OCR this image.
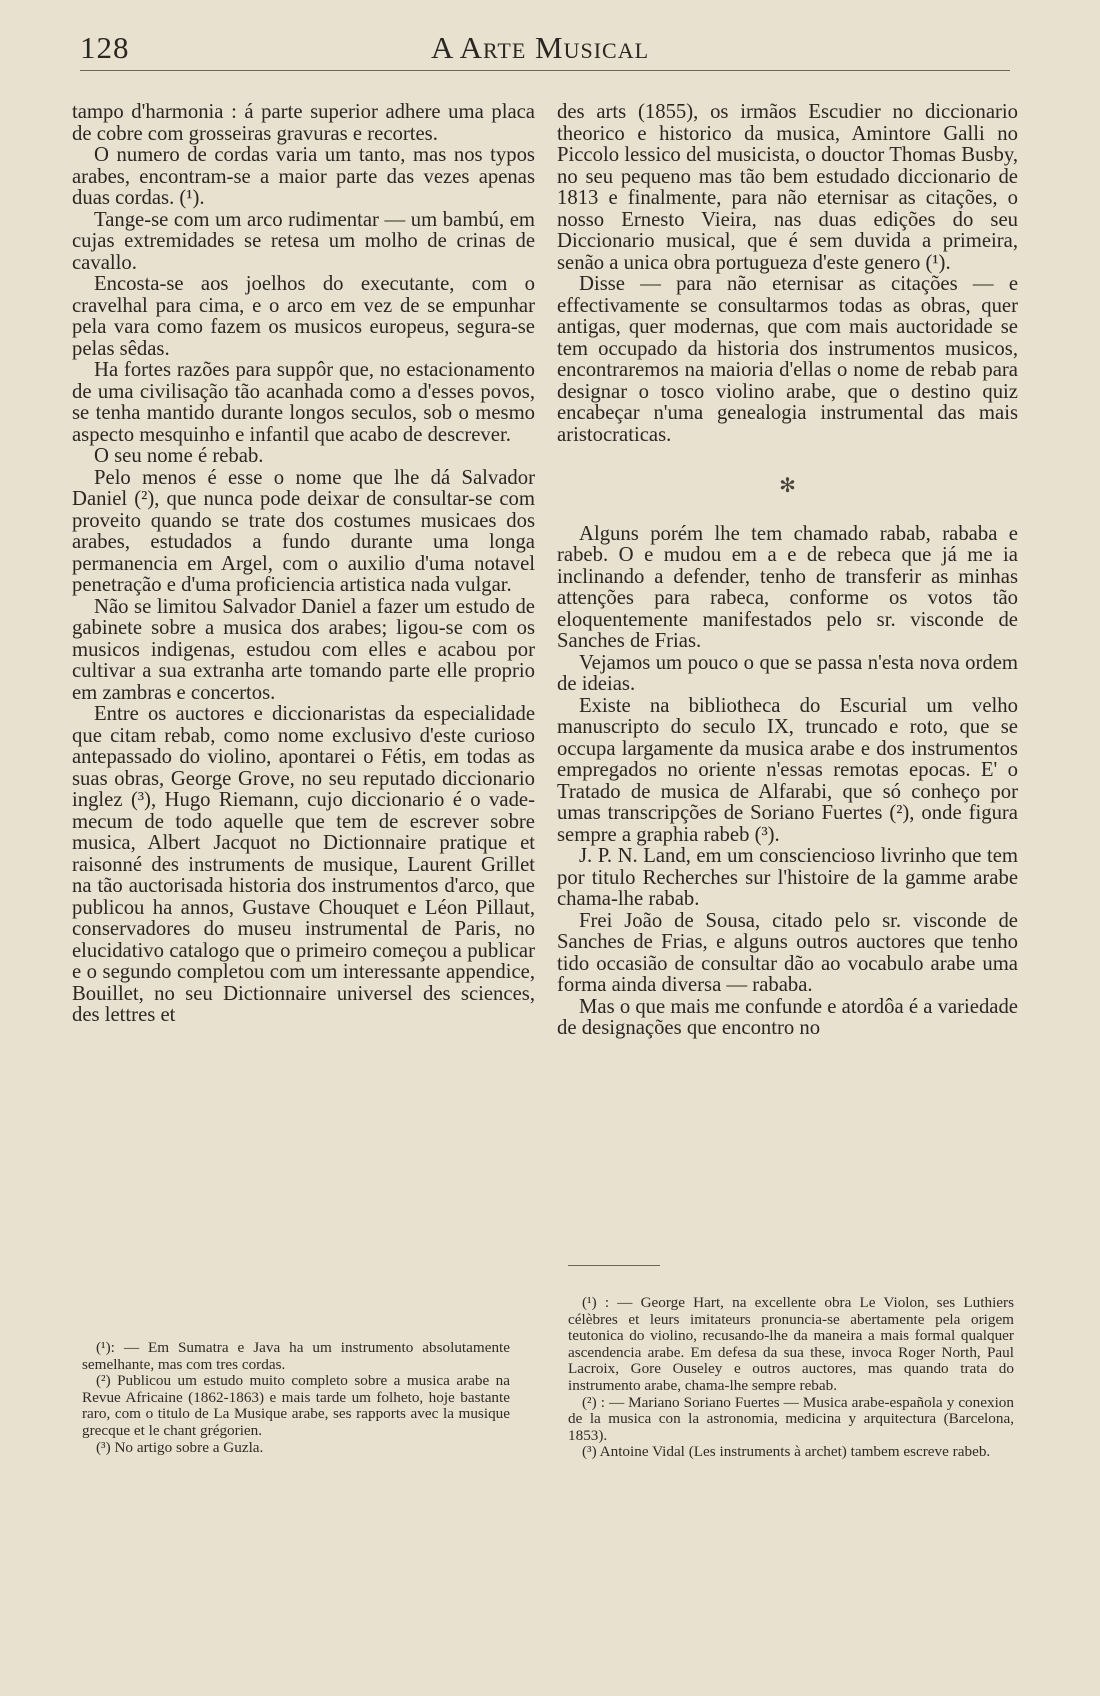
128	A Arte Musical

tampo d'harmonia : á parte superior adhere uma placa de cobre com grosseiras gravuras e recortes.

O numero de cordas varia um tanto, mas nos typos arabes, encontram-se a maior parte das vezes apenas duas cordas. (¹).

Tange-se com um arco rudimentar — um bambú, em cujas extremidades se retesa um molho de crinas de cavallo.

Encosta-se aos joelhos do executante, com o cravelhal para cima, e o arco em vez de se empunhar pela vara como fazem os musicos europeus, segura-se pelas sêdas.

Ha fortes razões para suppôr que, no estacionamento de uma civilisação tão acanhada como a d'esses povos, se tenha mantido durante longos seculos, sob o mesmo aspecto mesquinho e infantil que acabo de descrever.

O seu nome é rebab.

Pelo menos é esse o nome que lhe dá Salvador Daniel (²), que nunca pode deixar de consultar-se com proveito quando se trate dos costumes musicaes dos arabes, estudados a fundo durante uma longa permanencia em Argel, com o auxilio d'uma notavel penetração e d'uma proficiencia artistica nada vulgar.

Não se limitou Salvador Daniel a fazer um estudo de gabinete sobre a musica dos arabes; ligou-se com os musicos indigenas, estudou com elles e acabou por cultivar a sua extranha arte tomando parte elle proprio em zambras e concertos.

Entre os auctores e diccionaristas da especialidade que citam rebab, como nome exclusivo d'este curioso antepassado do violino, apontarei o Fétis, em todas as suas obras, George Grove, no seu reputado diccionario inglez (³), Hugo Riemann, cujo diccionario é o vade-mecum de todo aquelle que tem de escrever sobre musica, Albert Jacquot no Dictionnaire pratique et raisonné des instruments de musique, Laurent Grillet na tão auctorisada historia dos instrumentos d'arco, que publicou ha annos, Gustave Chouquet e Léon Pillaut, conservadores do museu instrumental de Paris, no elucidativo catalogo que o primeiro começou a publicar e o segundo completou com um interessante appendice, Bouillet, no seu Dictionnaire universel des sciences, des lettres et

des arts (1855), os irmãos Escudier no diccionario theorico e historico da musica, Amintore Galli no Piccolo lessico del musicista, o douctor Thomas Busby, no seu pequeno mas tão bem estudado diccionario de 1813 e finalmente, para não eternisar as citações, o nosso Ernesto Vieira, nas duas edições do seu Diccionario musical, que é sem duvida a primeira, senão a unica obra portugueza d'este genero (¹).

Disse — para não eternisar as citações — e effectivamente se consultarmos todas as obras, quer antigas, quer modernas, que com mais auctoridade se tem occupado da historia dos instrumentos musicos, encontraremos na maioria d'ellas o nome de rebab para designar o tosco violino arabe, que o destino quiz encabeçar n'uma genealogia instrumental das mais aristocraticas.

✻

Alguns porém lhe tem chamado rabab, rababa e rabeb. O e mudou em a e de rebeca que já me ia inclinando a defender, tenho de transferir as minhas attenções para rabeca, conforme os votos tão eloquentemente manifestados pelo sr. visconde de Sanches de Frias.

Vejamos um pouco o que se passa n'esta nova ordem de ideias.

Existe na bibliotheca do Escurial um velho manuscripto do seculo IX, truncado e roto, que se occupa largamente da musica arabe e dos instrumentos empregados no oriente n'essas remotas epocas. E' o Tratado de musica de Alfarabi, que só conheço por umas transcripções de Soriano Fuertes (²), onde figura sempre a graphia rabeb (³).

J. P. N. Land, em um consciencioso livrinho que tem por titulo Recherches sur l'histoire de la gamme arabe chama-lhe rabab.

Frei João de Sousa, citado pelo sr. visconde de Sanches de Frias, e alguns outros auctores que tenho tido occasião de consultar dão ao vocabulo arabe uma forma ainda diversa — rababa.

Mas o que mais me confunde e atordôa é a variedade de designações que encontro no

(¹): — Em Sumatra e Java ha um instrumento absolutamente semelhante, mas com tres cordas.

(²) Publicou um estudo muito completo sobre a musica arabe na Revue Africaine (1862-1863) e mais tarde um folheto, hoje bastante raro, com o titulo de La Musique arabe, ses rapports avec la musique grecque et le chant grégorien.

(³) No artigo sobre a Guzla.

(¹) : — George Hart, na excellente obra Le Violon, ses Luthiers célèbres et leurs imitateurs pronuncia-se abertamente pela origem teutonica do violino, recusando-lhe da maneira a mais formal qualquer ascendencia arabe. Em defesa da sua these, invoca Roger North, Paul Lacroix, Gore Ouseley e outros auctores, mas quando trata do instrumento arabe, chama-lhe sempre rebab.

(²) : — Mariano Soriano Fuertes — Musica arabe-española y conexion de la musica con la astronomia, medicina y arquitectura (Barcelona, 1853).

(³) Antoine Vidal (Les instruments à archet) tambem escreve rabeb.
